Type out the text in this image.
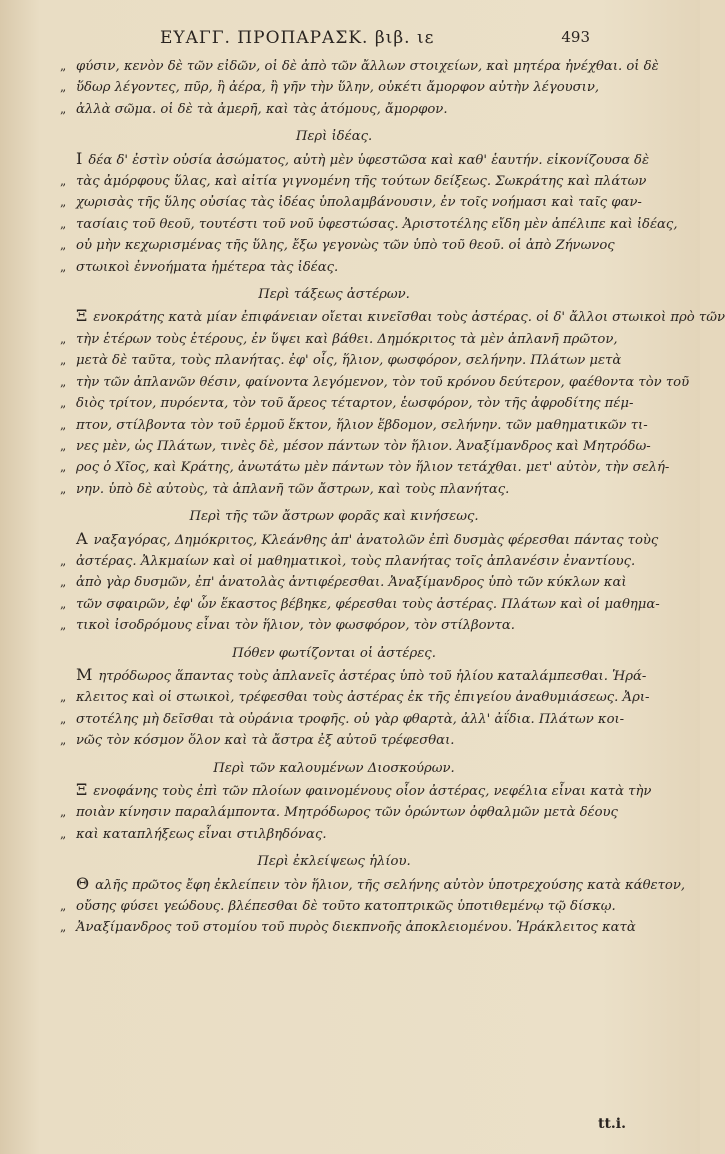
ΕΥΑΓΓ. ΠΡΟΠΑΡΑΣΚ. βιβ. ιε	493
„ φύσιν, κενὸν δὲ τῶν εἰδῶν, οἱ δὲ ἀπὸ τῶν ἄλλων στοιχείων, καὶ μητέρα ἠνέχθαι. οἱ δὲ
„ ὕδωρ λέγοντες, πῦρ, ἢ ἀέρα, ἢ γῆν τὴν ὕλην, οὐκέτι ἄμορφον αὐτὴν λέγουσιν,
„ ἀλλὰ σῶμα. οἱ δὲ τὰ ἀμερῆ, καὶ τὰς ἀτόμους, ἄμορφον.
Περὶ ἰδέας.
Ι δέα δ' ἐστὶν οὐσία ἀσώματος, αὐτὴ μὲν ὑφεστῶσα καὶ καθ' ἑαυτήν. εἰκονίζουσα δὲ
„ τὰς ἀμόρφους ὕλας, καὶ αἰτία γιγνομένη τῆς τούτων δείξεως. Σωκράτης καὶ πλάτων
„ χωρισὰς τῆς ὕλης οὐσίας τὰς ἰδέας ὑπολαμβάνουσιν, ἐν τοῖς νοήμασι καὶ ταῖς φαν-
„ τασίαις τοῦ θεοῦ, τουτέστι τοῦ νοῦ ὑφεστώσας. Ἀριστοτέλης εἴδη μὲν ἀπέλιπε καὶ ἰδέας,
„ οὐ μὴν κεχωρισμένας τῆς ὕλης, ἔξω γεγονὼς τῶν ὑπὸ τοῦ θεοῦ. οἱ ἀπὸ Ζήνωνος
„ στωικοὶ ἐννοήματα ἡμέτερα τὰς ἰδέας.
Περὶ τάξεως ἀστέρων.
Ξ ενοκράτης κατὰ μίαν ἐπιφάνειαν οἴεται κινεῖσθαι τοὺς ἀστέρας. οἱ δ' ἄλλοι στωικοὶ πρὸ τῶν
„ τὴν ἑτέρων τοὺς ἑτέρους, ἐν ὕψει καὶ βάθει. Δημόκριτος τὰ μὲν ἀπλανῆ πρῶτον,
„ μετὰ δὲ ταῦτα, τοὺς πλανήτας. ἐφ' οἷς, ἥλιον, φωσφόρον, σελήνην. Πλάτων μετὰ
„ τὴν τῶν ἀπλανῶν θέσιν, φαίνοντα λεγόμενον, τὸν τοῦ κρόνου δεύτερον, φαέθοντα τὸν τοῦ
„ διὸς τρίτον, πυρόεντα, τὸν τοῦ ἄρεος τέταρτον, ἑωσφόρον, τὸν τῆς ἀφροδίτης πέμ-
„ πτον, στίλβοντα τὸν τοῦ ἑρμοῦ ἕκτον, ἥλιον ἕβδομον, σελήνην. τῶν μαθηματικῶν τι-
„ νες μὲν, ὡς Πλάτων, τινὲς δὲ, μέσον πάντων τὸν ἥλιον. Ἀναξίμανδρος καὶ Μητρόδω-
„ ρος ὁ Χῖος, καὶ Κράτης, ἀνωτάτω μὲν πάντων τὸν ἥλιον τετάχθαι. μετ' αὐτὸν, τὴν σελή-
„ νην. ὑπὸ δὲ αὐτοὺς, τὰ ἀπλανῆ τῶν ἄστρων, καὶ τοὺς πλανήτας.
Περὶ τῆς τῶν ἄστρων φορᾶς καὶ κινήσεως.
Α ναξαγόρας, Δημόκριτος, Κλεάνθης ἀπ' ἀνατολῶν ἐπὶ δυσμὰς φέρεσθαι πάντας τοὺς
„ ἀστέρας. Ἀλκμαίων καὶ οἱ μαθηματικοὶ, τοὺς πλανήτας τοῖς ἀπλανέσιν ἐναντίους.
„ ἀπὸ γὰρ δυσμῶν, ἐπ' ἀνατολὰς ἀντιφέρεσθαι. Ἀναξίμανδρος ὑπὸ τῶν κύκλων καὶ
„ τῶν σφαιρῶν, ἐφ' ὧν ἕκαστος βέβηκε, φέρεσθαι τοὺς ἀστέρας. Πλάτων καὶ οἱ μαθημα-
„ τικοὶ ἰσοδρόμους εἶναι τὸν ἥλιον, τὸν φωσφόρον, τὸν στίλβοντα.
Πόθεν φωτίζονται οἱ ἀστέρες.
Μ ητρόδωρος ἅπαντας τοὺς ἀπλανεῖς ἀστέρας ὑπὸ τοῦ ἡλίου καταλάμπεσθαι. Ἡρά-
„ κλειτος καὶ οἱ στωικοὶ, τρέφεσθαι τοὺς ἀστέρας ἐκ τῆς ἐπιγείου ἀναθυμιάσεως. Ἀρι-
„ στοτέλης μὴ δεῖσθαι τὰ οὐράνια τροφῆς. οὐ γὰρ φθαρτὰ, ἀλλ' ἀΐδια. Πλάτων κοι-
„ νῶς τὸν κόσμον ὅλον καὶ τὰ ἄστρα ἐξ αὐτοῦ τρέφεσθαι.
Περὶ τῶν καλουμένων Διοσκούρων.
Ξ ενοφάνης τοὺς ἐπὶ τῶν πλοίων φαινομένους οἷον ἀστέρας, νεφέλια εἶναι κατὰ τὴν
„ ποιὰν κίνησιν παραλάμποντα. Μητρόδωρος τῶν ὁρώντων ὀφθαλμῶν μετὰ δέους
„ καὶ καταπλήξεως εἶναι στιλβηδόνας.
Περὶ ἐκλείψεως ἡλίου.
Θ αλῆς πρῶτος ἔφη ἐκλείπειν τὸν ἥλιον, τῆς σελήνης αὐτὸν ὑποτρεχούσης κατὰ κάθετον,
„ οὔσης φύσει γεώδους. βλέπεσθαι δὲ τοῦτο κατοπτρικῶς ὑποτιθεμένῳ τῷ δίσκῳ.
„ Ἀναξίμανδρος τοῦ στομίου τοῦ πυρὸς διεκπνοῆς ἀποκλειομένου. Ἡράκλειτος κατὰ
tt.i.
